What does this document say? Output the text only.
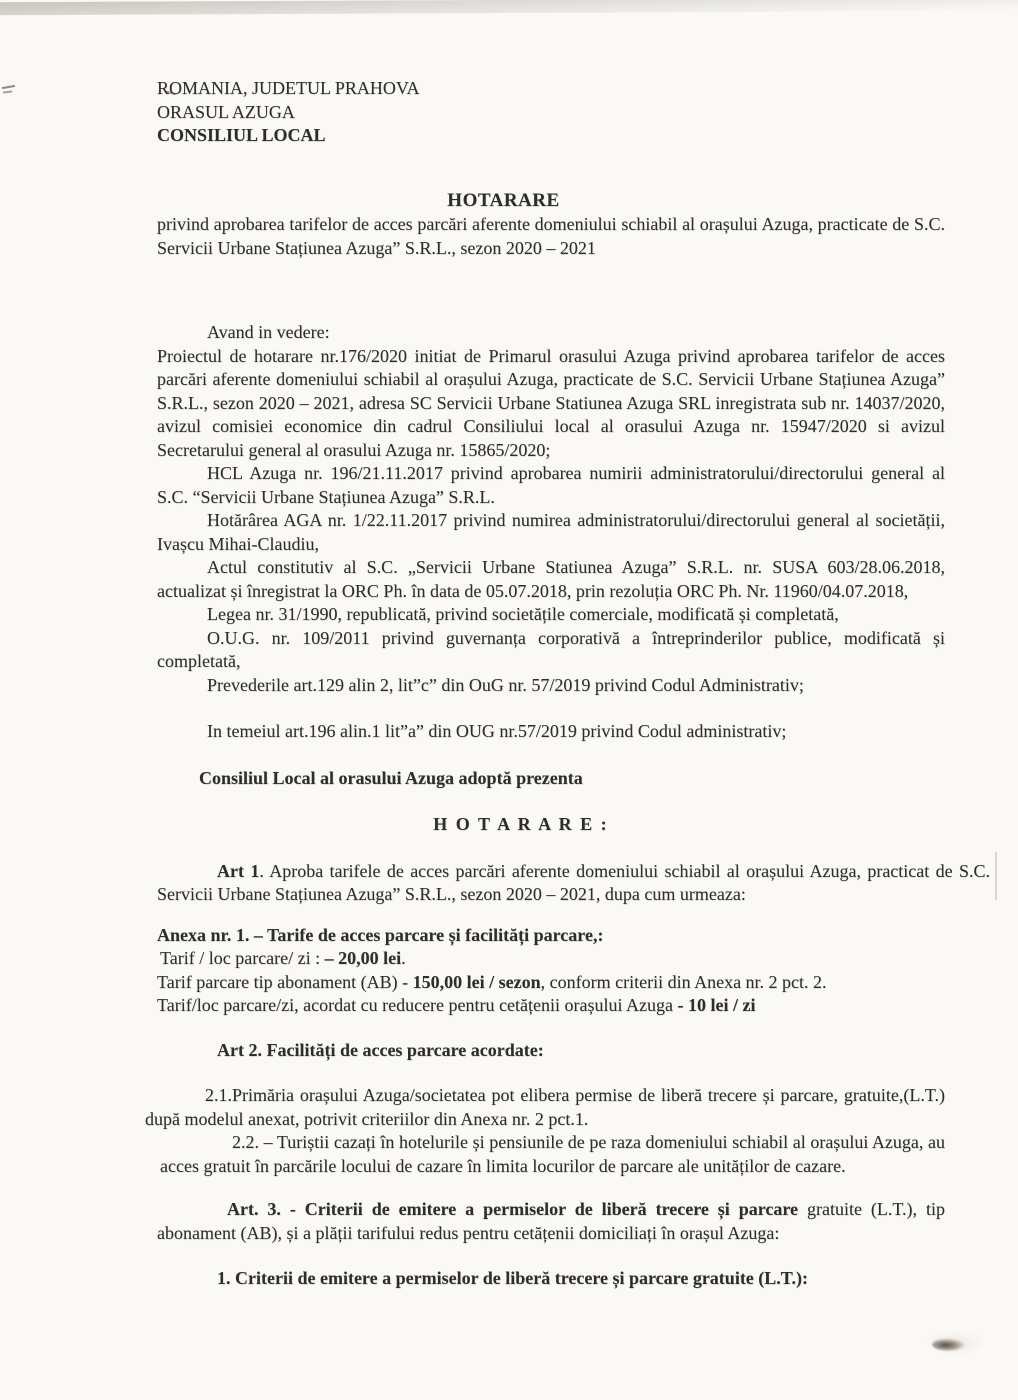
ROMANIA, JUDETUL PRAHOVA

ORASUL AZUGA

CONSILIUL LOCAL

HOTARARE

privind aprobarea tarifelor de acces parcări aferente domeniului schiabil al orașului Azuga, practicate de S.C. Servicii Urbane Stațiunea Azuga” S.R.L., sezon 2020 – 2021

Avand in vedere:

Proiectul de hotarare nr.176/2020 initiat de Primarul orasului Azuga privind aprobarea tarifelor de acces parcări aferente domeniului schiabil al orașului Azuga, practicate de S.C. Servicii Urbane Stațiunea Azuga” S.R.L., sezon 2020 – 2021, adresa SC Servicii Urbane Statiunea Azuga SRL inregistrata sub nr. 14037/2020, avizul comisiei economice din cadrul Consiliului local al orasului Azuga nr. 15947/2020 si avizul Secretarului general al orasului Azuga nr. 15865/2020;

HCL Azuga nr. 196/21.11.2017 privind aprobarea numirii administratorului/directorului general al S.C. “Servicii Urbane Stațiunea Azuga” S.R.L.

Hotărârea AGA nr. 1/22.11.2017 privind numirea administratorului/directorului general al societății, Ivașcu Mihai-Claudiu,

Actul constitutiv al S.C. „Servicii Urbane Statiunea Azuga” S.R.L. nr. SUSA 603/28.06.2018, actualizat și înregistrat la ORC Ph. în data de 05.07.2018, prin rezoluția ORC Ph. Nr. 11960/04.07.2018,

Legea nr. 31/1990, republicată, privind societățile comerciale, modificată și completată,

O.U.G. nr. 109/2011 privind guvernanța corporativă a întreprinderilor publice, modificată și completată,

Prevederile art.129 alin 2, lit”c” din OuG nr. 57/2019 privind Codul Administrativ;

In temeiul art.196 alin.1 lit”a” din OUG nr.57/2019 privind Codul administrativ;

Consiliul Local al orasului Azuga adoptă prezenta

H O T A R A R E :

Art 1. Aproba tarifele de acces parcări aferente domeniului schiabil al orașului Azuga, practicat de S.C. Servicii Urbane Stațiunea Azuga” S.R.L., sezon 2020 – 2021, dupa cum urmeaza:

Anexa nr. 1. – Tarife de acces parcare și facilități parcare,:

Tarif / loc parcare/ zi : – 20,00 lei.

Tarif parcare tip abonament (AB) - 150,00 lei / sezon, conform criterii din Anexa nr. 2 pct. 2.

Tarif/loc parcare/zi, acordat cu reducere pentru cetățenii orașului Azuga - 10 lei / zi

Art 2. Facilități de acces parcare acordate:

2.1.Primăria orașului Azuga/societatea pot elibera permise de liberă trecere și parcare, gratuite,(L.T.) după modelul anexat, potrivit criteriilor din Anexa nr. 2 pct.1.

2.2. – Turiștii cazați în hotelurile și pensiunile de pe raza domeniului schiabil al orașului Azuga, au acces gratuit în parcările locului de cazare în limita locurilor de parcare ale unităților de cazare.

Art. 3. - Criterii de emitere a permiselor de liberă trecere și parcare gratuite (L.T.), tip abonament (AB), și a plății tarifului redus pentru cetățenii domiciliați în orașul Azuga:

1. Criterii de emitere a permiselor de liberă trecere și parcare gratuite (L.T.):
